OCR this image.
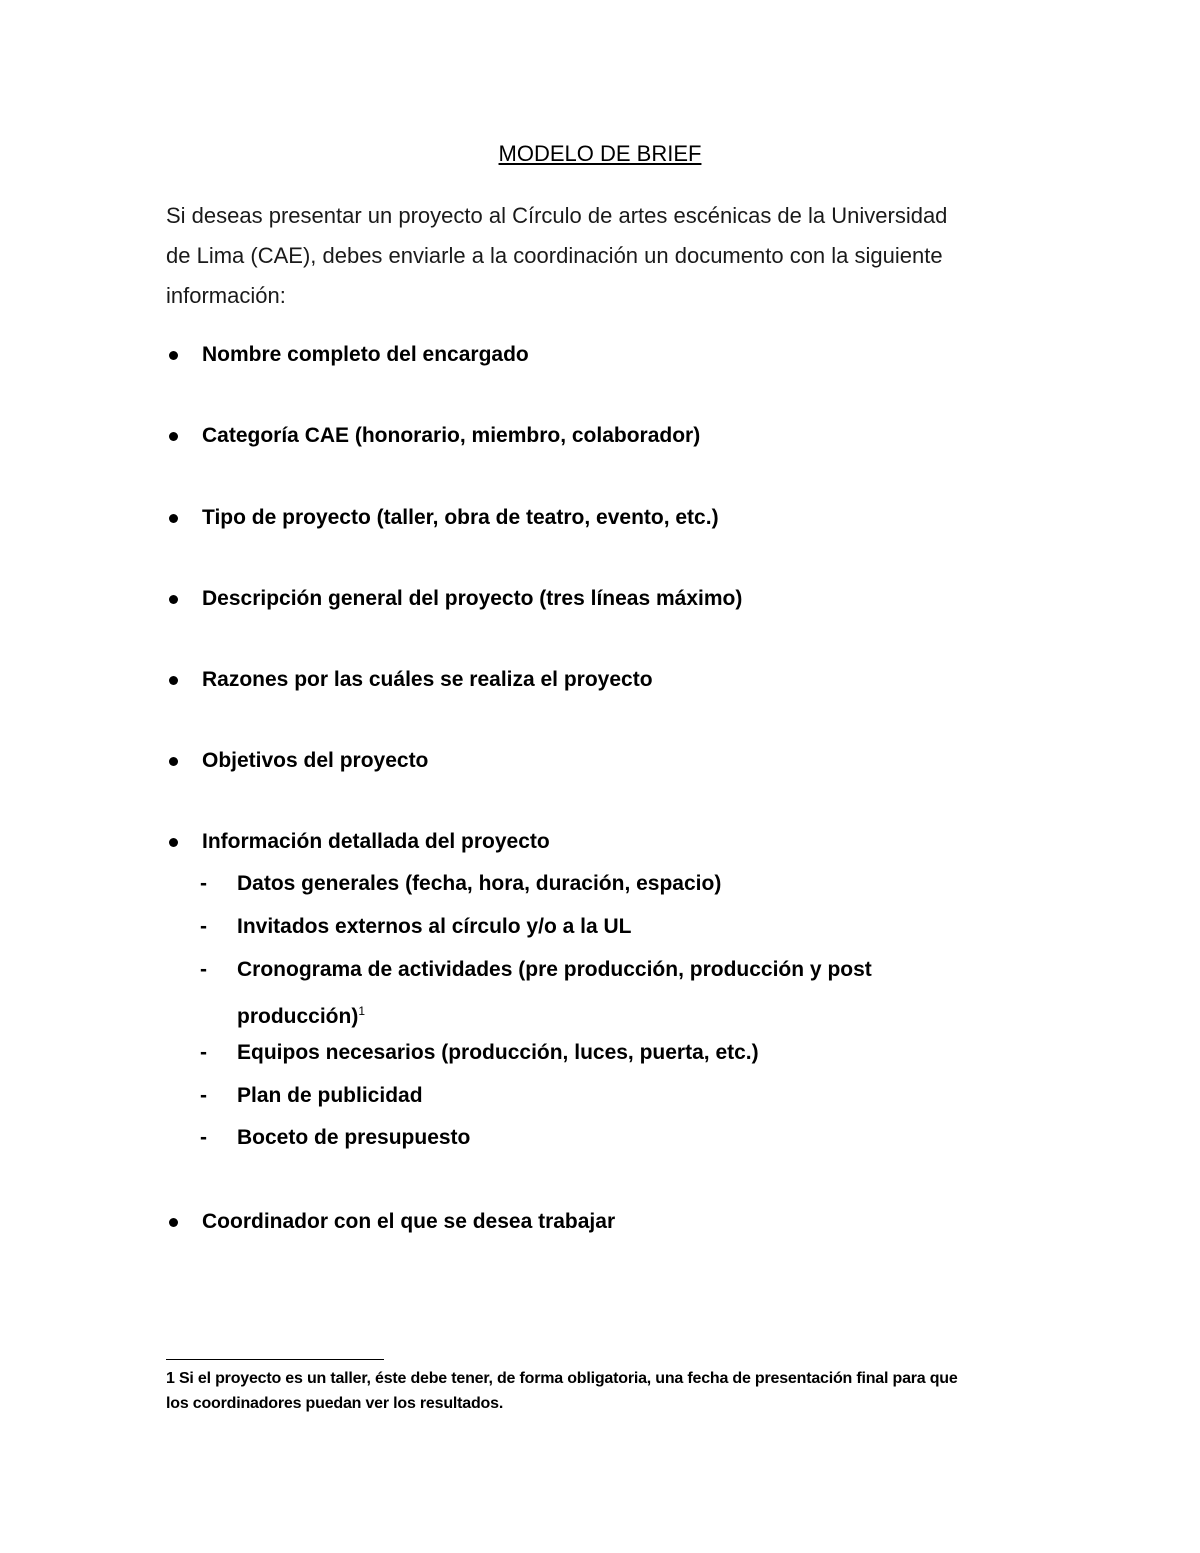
MODELO DE BRIEF
Si deseas presentar un proyecto al Círculo de artes escénicas de la Universidad
de Lima (CAE), debes enviarle a la coordinación un documento con la siguiente
información:
Nombre completo del encargado
Categoría CAE (honorario, miembro, colaborador)
Tipo de proyecto (taller, obra de teatro, evento, etc.)
Descripción general del proyecto (tres líneas máximo)
Razones por las cuáles se realiza el proyecto
Objetivos del proyecto
Información detallada del proyecto
- Datos generales (fecha, hora, duración, espacio)
- Invitados externos al círculo y/o a la UL
- Cronograma de actividades (pre producción, producción y post
producción)$^1$
- Equipos necesarios (producción, luces, puerta, etc.)
- Plan de publicidad
- Boceto de presupuesto
Coordinador con el que se desea trabajar
1 Si el proyecto es un taller, éste debe tener, de forma obligatoria, una fecha de presentación final para que
los coordinadores puedan ver los resultados.
